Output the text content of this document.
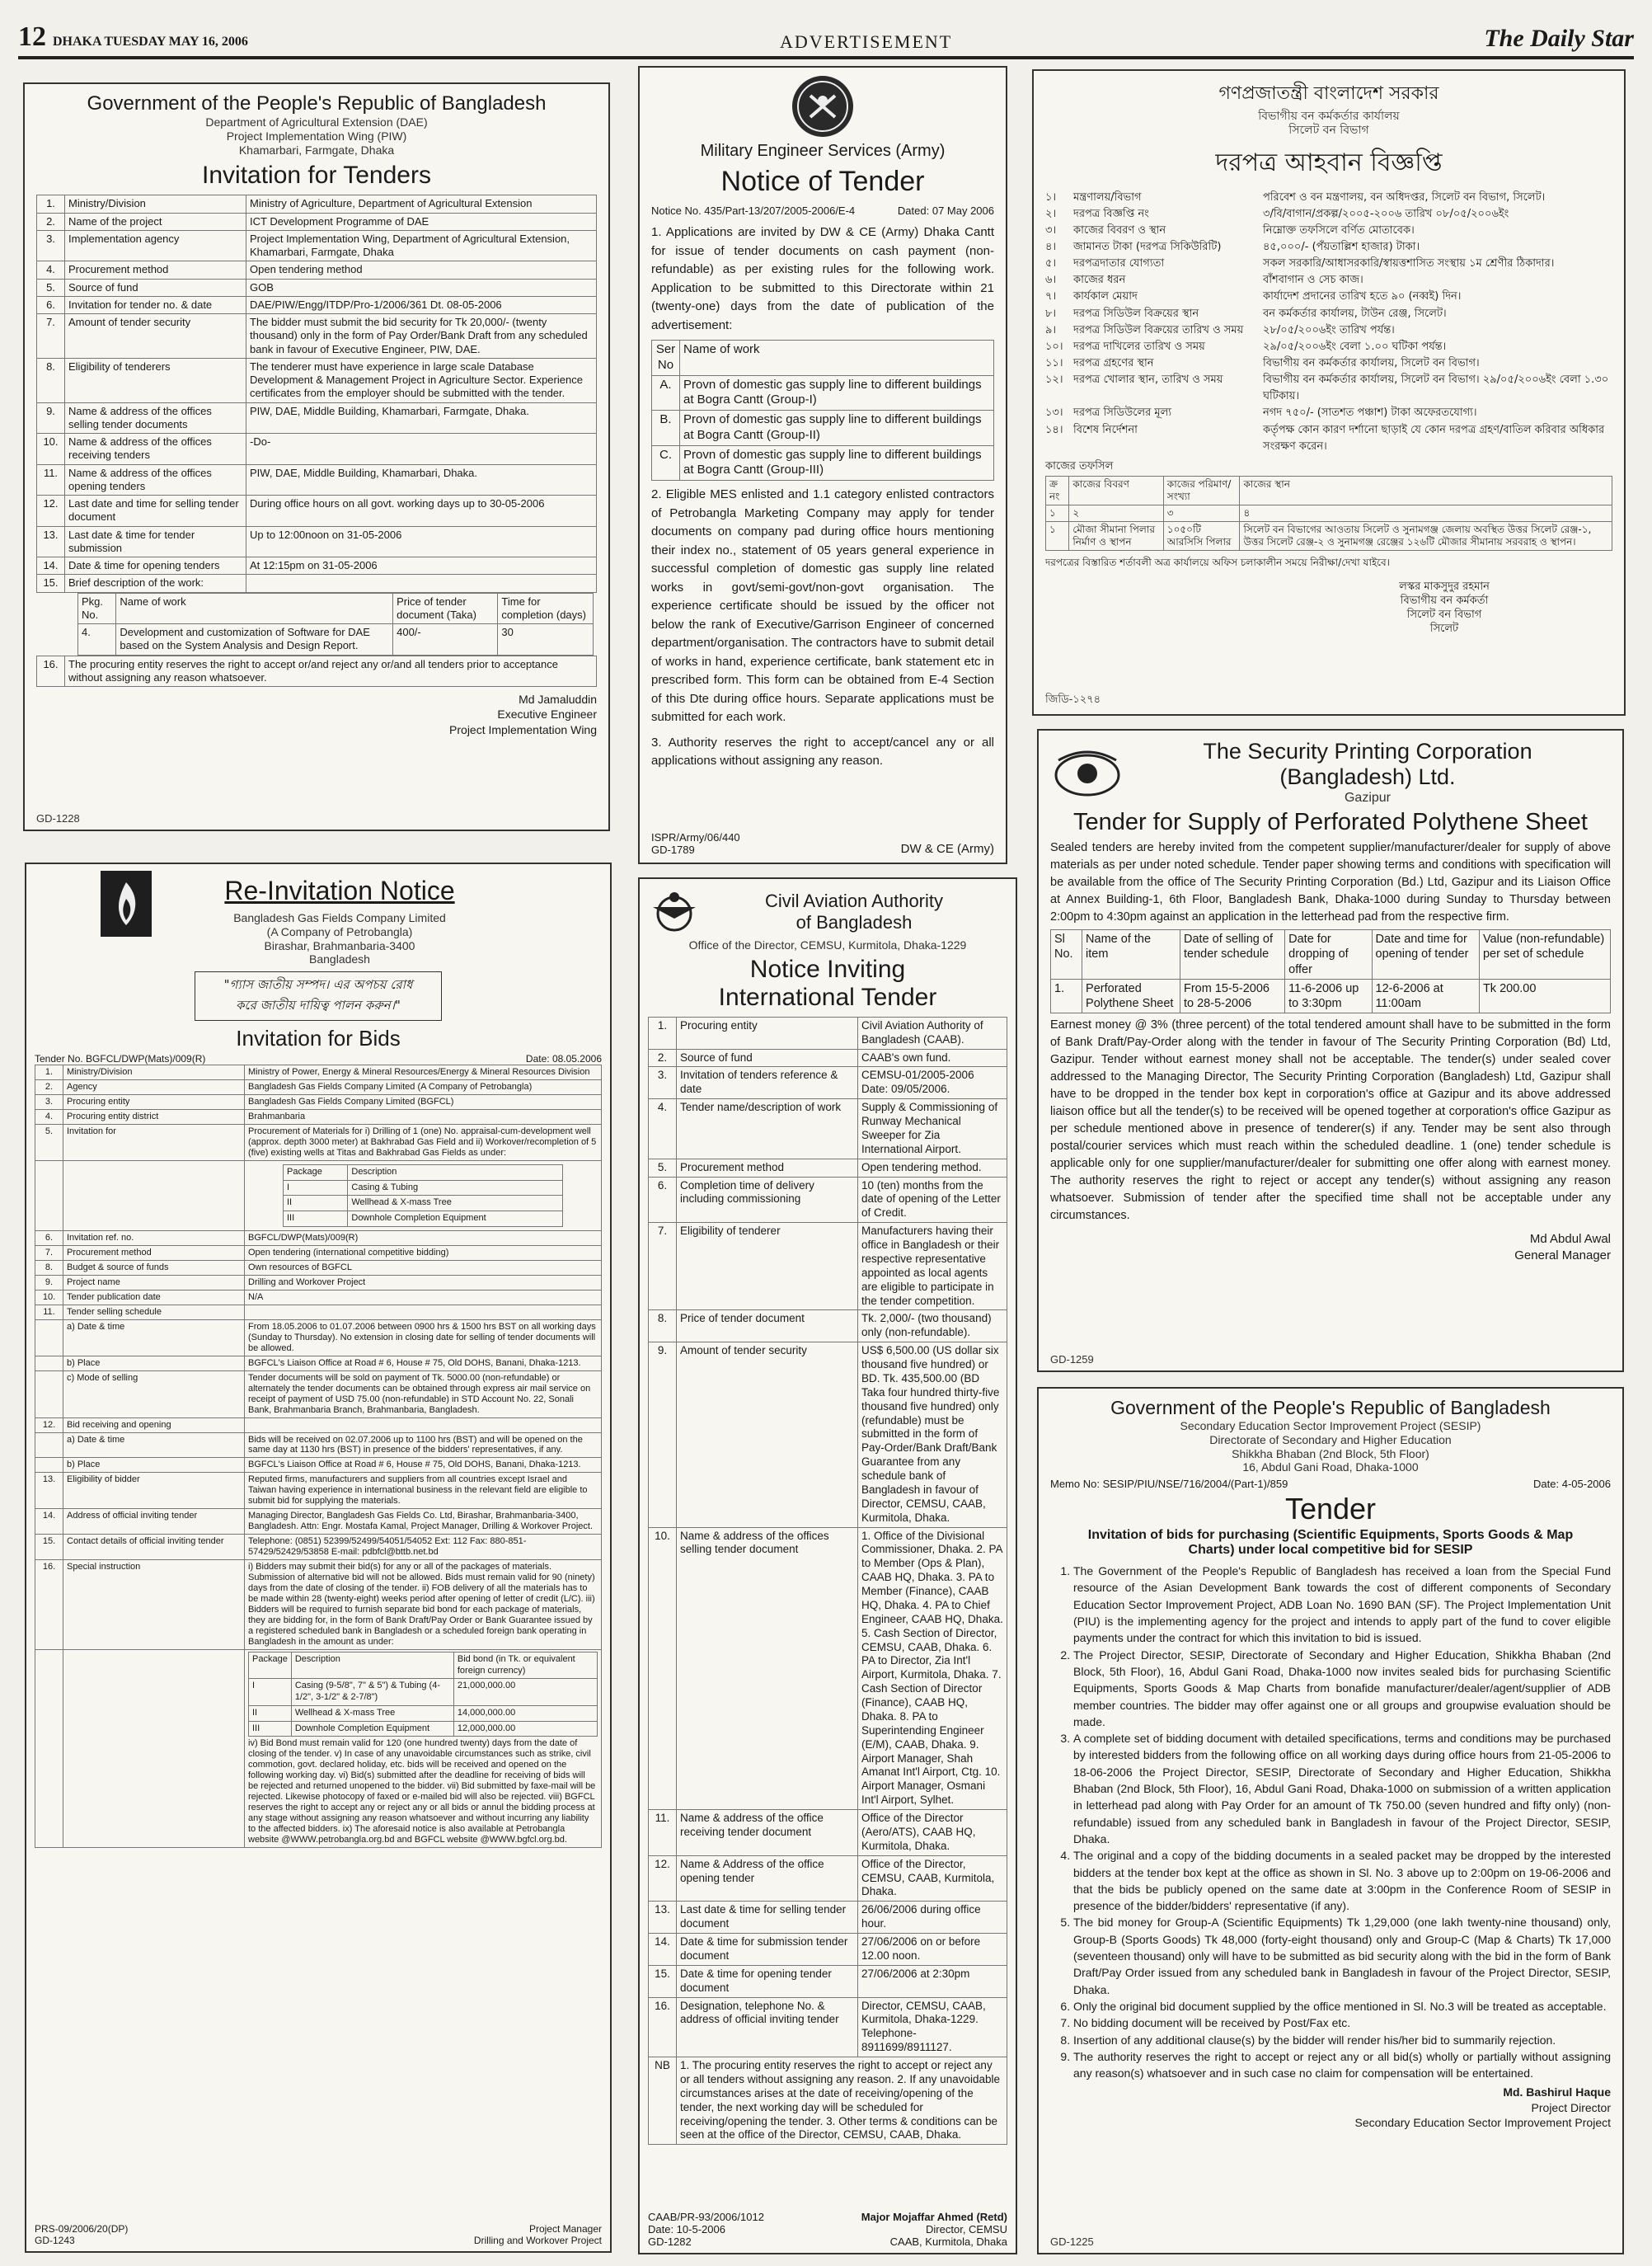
12 DHAKA TUESDAY MAY 16, 2006	ADVERTISEMENT	The Daily Star
Government of the People's Republic of Bangladesh
Department of Agricultural Extension (DAE)
Project Implementation Wing (PIW)
Khamarbari, Farmgate, Dhaka
Invitation for Tenders
1.	Ministry/Division	Ministry of Agriculture, Department of Agricultural Extension
2.	Name of the project	ICT Development Programme of DAE
3.	Implementation agency	Project Implementation Wing, Department of Agricultural Extension, Khamarbari, Farmgate, Dhaka
4.	Procurement method	Open tendering method
5.	Source of fund	GOB
6.	Invitation for tender no. & date	DAE/PIW/Engg/ITDP/Pro-1/2006/361 Dt. 08-05-2006
7.	Amount of tender security	The bidder must submit the bid security for Tk 20,000/- (twenty thousand) only in the form of Pay Order/Bank Draft from any scheduled bank in favour of Executive Engineer, PIW, DAE.
8.	Eligibility of tenderers	The tenderer must have experience in large scale Database Development & Management Project in Agriculture Sector. Experience certificates from the employer should be submitted with the tender.
9.	Name & address of the offices selling tender documents	PIW, DAE, Middle Building, Khamarbari, Farmgate, Dhaka.
10.	Name & address of the offices receiving tenders	-Do-
11.	Name & address of the offices opening tenders	PIW, DAE, Middle Building, Khamarbari, Dhaka.
12.	Last date and time for selling tender document	During office hours on all govt. working days up to 30-05-2006
13.	Last date & time for tender submission	Up to 12:00noon on 31-05-2006
14.	Date & time for opening tenders	At 12:15pm on 31-05-2006
15.	Brief description of the work:	
Pkg. No.	Name of work	Price of tender document (Taka)	Time for completion (days)
4.	Development and customization of Software for DAE based on the System Analysis and Design Report.	400/-	30
16.	The procuring entity reserves the right to accept or/and reject any or/and all tenders prior to acceptance without assigning any reason whatsoever.
Md Jamaluddin
Executive Engineer
Project Implementation Wing
GD-1228
Military Engineer Services (Army)
Notice of Tender
Notice No. 435/Part-13/207/2005-2006/E-4	Dated: 07 May 2006

1. Applications are invited by DW & CE (Army) Dhaka Cantt for issue of tender documents on cash payment (non-refundable) as per existing rules for the following work. Application to be submitted to this Directorate within 21 (twenty-one) days from the date of publication of the advertisement:

Ser No	Name of work
A.	Provn of domestic gas supply line to different buildings at Bogra Cantt (Group-I)
B.	Provn of domestic gas supply line to different buildings at Bogra Cantt (Group-II)
C.	Provn of domestic gas supply line to different buildings at Bogra Cantt (Group-III)

2. Eligible MES enlisted and 1.1 category enlisted contractors of Petrobangla Marketing Company may apply for tender documents on company pad during office hours mentioning their index no., statement of 05 years general experience in successful completion of domestic gas supply line related works in govt/semi-govt/non-govt organisation. The experience certificate should be issued by the officer not below the rank of Executive/Garrison Engineer of concerned department/organisation. The contractors have to submit detail of works in hand, experience certificate, bank statement etc in prescribed form. This form can be obtained from E-4 Section of this Dte during office hours. Separate applications must be submitted for each work.

3. Authority reserves the right to accept/cancel any or all applications without assigning any reason.

ISPR/Army/06/440
GD-1789	DW & CE (Army)
গণপ্রজাতন্ত্রী বাংলাদেশ সরকার
বিভাগীয় বন কর্মকর্তার কার্যালয়
সিলেট বন বিভাগ
দরপত্র আহবান বিজ্ঞপ্তি
১।	মন্ত্রণালয়/বিভাগ	পরিবেশ ও বন মন্ত্রণালয়, বন অধিদপ্তর, সিলেট বন বিভাগ, সিলেট।
২।	দরপত্র বিজ্ঞপ্তি নং	৩/বি/বাগান/প্রকল্প/২০০৫-২০০৬ তারিখ ০৮/০৫/২০০৬ইং
৩।	কাজের বিবরণ ও স্থান	নিম্নোক্ত তফসিলে বর্ণিত মোতাবেক।
৪।	জামানত টাকা (দরপত্র সিকিউরিটি)	৪৫,০০০/- (পঁয়তাল্লিশ হাজার) টাকা।
৫।	দরপত্রদাতার যোগ্যতা	সকল সরকারি/আধাসরকারি/স্বায়ত্তশাসিত সংস্থায় ১ম শ্রেণীর ঠিকাদার।
৬।	কাজের ধরন	বাঁশবাগান ও সেচ কাজ।
৭।	কার্যকাল মেয়াদ	কার্যাদেশ প্রদানের তারিখ হতে ৯০ (নব্বই) দিন।
৮।	দরপত্র সিডিউল বিক্রয়ের স্থান	বন কর্মকর্তার কার্যালয়, টাউন রেঞ্জ, সিলেট।
৯।	দরপত্র সিডিউল বিক্রয়ের তারিখ ও সময়	২৮/০৫/২০০৬ইং তারিখ পর্যন্ত।
১০। দরপত্র দাখিলের তারিখ ও সময়	২৯/০৫/২০০৬ইং বেলা ১.০০ ঘটিকা পর্যন্ত।
১১। দরপত্র গ্রহণের স্থান	বিভাগীয় বন কর্মকর্তার কার্যালয়, সিলেট বন বিভাগ।
১২। দরপত্র খোলার স্থান, তারিখ ও সময়	বিভাগীয় বন কর্মকর্তার কার্যালয়, সিলেট বন বিভাগ। ২৯/০৫/২০০৬ইং বেলা ১.৩০ ঘটিকায়।
১৩। দরপত্র সিডিউলের মূল্য	নগদ ৭৫০/- (সাতশত পঞ্চাশ) টাকা অফেরতযোগ্য।
১৪। বিশেষ নির্দেশনা	কর্তৃপক্ষ কোন কারণ দর্শানো ছাড়াই যে কোন দরপত্র গ্রহণ/বাতিল করিবার অধিকার সংরক্ষণ করেন।
কাজের তফসিল
ক্র নং	কাজের বিবরণ	কাজের পরিমাণ/ সংখ্যা	কাজের স্থান
১	২	৩	৪
১	মৌজা সীমানা পিলার নির্মাণ ও স্থাপন	১০৫০টি আরসিসি পিলার	সিলেট বন বিভাগের আওতায় সিলেট ও সুনামগঞ্জ জেলায় অবস্থিত উত্তর সিলেট রেঞ্জ-১, উত্তর সিলেট রেঞ্জ-২ ও সুনামগঞ্জ রেঞ্জের ১২৬টি মৌজার সীমানায় সরবরাহ ও স্থাপন।
দরপত্রের বিস্তারিত শর্তাবলী অত্র কার্যালয়ে অফিস চলাকালীন সময়ে নিরীক্ষা/দেখা যাইবে।
লস্কর মাকসুদুর রহমান
বিভাগীয় বন কর্মকর্তা
সিলেট বন বিভাগ
সিলেট
জিডি-১২৭৪
Re-Invitation Notice
Bangladesh Gas Fields Company Limited
(A Company of Petrobangla)
Birashar, Brahmanbaria-3400
Bangladesh
"গ্যাস জাতীয় সম্পদ। এর অপচয় রোধ
করে জাতীয় দায়িত্ব পালন করুন।"
Invitation for Bids
Tender No. BGFCL/DWP(Mats)/009(R)	Date: 08.05.2006
1.	Ministry/Division	Ministry of Power, Energy & Mineral Resources/Energy & Mineral Resources Division
2.	Agency	Bangladesh Gas Fields Company Limited (A Company of Petrobangla)
3.	Procuring entity	Bangladesh Gas Fields Company Limited (BGFCL)
4.	Procuring entity district	Brahmanbaria
5.	Invitation for	Procurement of Materials for i) Drilling of 1 (one) No. appraisal-cum-development well (approx. depth 3000 meter) at Bakhrabad Gas Field and ii) Workover/recompletion of 5 (five) existing wells at Titas and Bakhrabad Gas Fields as under:

Package	Description
I	Casing & Tubing
II	Wellhead & X-mass Tree
III	Downhole Completion Equipment

6.	Invitation ref. no.	BGFCL/DWP(Mats)/009(R)
7.	Procurement method	Open tendering (international competitive bidding)
8.	Budget & source of funds	Own resources of BGFCL
9.	Project name	Drilling and Workover Project
10.	Tender publication date	N/A
11.	Tender selling schedule	
	a) Date & time	From 18.05.2006 to 01.07.2006 between 0900 hrs & 1500 hrs BST on all working days (Sunday to Thursday). No extension in closing date for selling of tender documents will be allowed.
	b) Place	BGFCL's Liaison Office at Road # 6, House # 75, Old DOHS, Banani, Dhaka-1213.
	c) Mode of selling	Tender documents will be sold on payment of Tk. 5000.00 (non-refundable) or alternately the tender documents can be obtained through express air mail service on receipt of payment of USD 75.00 (non-refundable) in STD Account No. 22, Sonali Bank, Brahmanbaria Branch, Brahmanbaria, Bangladesh.
12.	Bid receiving and opening	
	a) Date & time	Bids will be received on 02.07.2006 up to 1100 hrs (BST) and will be opened on the same day at 1130 hrs (BST) in presence of the bidders' representatives, if any.
	b) Place	BGFCL's Liaison Office at Road # 6, House # 75, Old DOHS, Banani, Dhaka-1213.
13.	Eligibility of bidder	Reputed firms, manufacturers and suppliers from all countries except Israel and Taiwan having experience in international business in the relevant field are eligible to submit bid for supplying the materials.
14.	Address of official inviting tender	Managing Director, Bangladesh Gas Fields Co. Ltd, Birashar, Brahmanbaria-3400, Bangladesh. Attn: Engr. Mostafa Kamal, Project Manager, Drilling & Workover Project.
15.	Contact details of official inviting tender	Telephone: (0851) 52399/52499/54051/54052 Ext: 112 Fax: 880-851-57429/52429/53858 E-mail: pdbfcl@bttb.net.bd
16.	Special instruction	i) Bidders may submit their bid(s) for any or all of the packages of materials. Submission of alternative bid will not be allowed. Bids must remain valid for 90 (ninety) days from the date of closing of the tender. ii) FOB delivery of all the materials has to be made within 28 (twenty-eight) weeks period after opening of letter of credit (L/C). iii) Bidders will be required to furnish separate bid bond for each package of materials, they are bidding for, in the form of Bank Draft/Pay Order or Bank Guarantee issued by a registered scheduled bank in Bangladesh or a scheduled foreign bank operating in Bangladesh in the amount as under:

Package	Description	Bid bond (in Tk. or equivalent foreign currency)
I	Casing (9-5/8", 7" & 5") & Tubing (4-1/2", 3-1/2" & 2-7/8")	21,000,000.00
II	Wellhead & X-mass Tree	14,000,000.00
III	Downhole Completion Equipment	12,000,000.00
iv) Bid Bond must remain valid for 120 (one hundred twenty) days from the date of closing of the tender. v) In case of any unavoidable circumstances such as strike, civil commotion, govt. declared holiday, etc. bids will be received and opened on the following working day. vi) Bid(s) submitted after the deadline for receiving of bids will be rejected and returned unopened to the bidder. vii) Bid submitted by faxe-mail will be rejected. Likewise photocopy of faxed or e-mailed bid will also be rejected. viii) BGFCL reserves the right to accept any or reject any or all bids or annul the bidding process at any stage without assigning any reason whatsoever and without incurring any liability to the affected bidders. ix) The aforesaid notice is also available at Petrobangla website @WWW.petrobangla.org.bd and BGFCL website @WWW.bgfcl.org.bd.
PRS-09/2006/20(DP)
GD-1243
Project Manager
Drilling and Workover Project
Civil Aviation Authority
of Bangladesh
Office of the Director, CEMSU, Kurmitola, Dhaka-1229
Notice Inviting
International Tender
1.	Procuring entity	Civil Aviation Authority of Bangladesh (CAAB).
2.	Source of fund	CAAB's own fund.
3.	Invitation of tenders reference & date	CEMSU-01/2005-2006 Date: 09/05/2006.
4.	Tender name/description of work	Supply & Commissioning of Runway Mechanical Sweeper for Zia International Airport.
5.	Procurement method	Open tendering method.
6.	Completion time of delivery including commissioning	10 (ten) months from the date of opening of the Letter of Credit.
7.	Eligibility of tenderer	Manufacturers having their office in Bangladesh or their respective representative appointed as local agents are eligible to participate in the tender competition.
8.	Price of tender document	Tk. 2,000/- (two thousand) only (non-refundable).
9.	Amount of tender security	US$ 6,500.00 (US dollar six thousand five hundred) or BD. Tk. 435,500.00 (BD Taka four hundred thirty-five thousand five hundred) only (refundable) must be submitted in the form of Pay-Order/Bank Draft/Bank Guarantee from any schedule bank of Bangladesh in favour of Director, CEMSU, CAAB, Kurmitola, Dhaka.
10.	Name & address of the offices selling tender document	1. Office of the Divisional Commissioner, Dhaka. 2. PA to Member (Ops & Plan), CAAB HQ, Dhaka. 3. PA to Member (Finance), CAAB HQ, Dhaka. 4. PA to Chief Engineer, CAAB HQ, Dhaka. 5. Cash Section of Director, CEMSU, CAAB, Dhaka. 6. PA to Director, Zia Int'l Airport, Kurmitola, Dhaka. 7. Cash Section of Director (Finance), CAAB HQ, Dhaka. 8. PA to Superintending Engineer (E/M), CAAB, Dhaka. 9. Airport Manager, Shah Amanat Int'l Airport, Ctg. 10. Airport Manager, Osmani Int'l Airport, Sylhet.
11.	Name & address of the office receiving tender document	Office of the Director (Aero/ATS), CAAB HQ, Kurmitola, Dhaka.
12.	Name & Address of the office opening tender	Office of the Director, CEMSU, CAAB, Kurmitola, Dhaka.
13.	Last date & time for selling tender document	26/06/2006 during office hour.
14.	Date & time for submission tender document	27/06/2006 on or before 12.00 noon.
15.	Date & time for opening tender document	27/06/2006 at 2:30pm
16.	Designation, telephone No. & address of official inviting tender	Director, CEMSU, CAAB, Kurmitola, Dhaka-1229. Telephone-8911699/8911127.
NB	1. The procuring entity reserves the right to accept or reject any or all tenders without assigning any reason. 2. If any unavoidable circumstances arises at the date of receiving/opening of the tender, the next working day will be scheduled for receiving/opening the tender. 3. Other terms & conditions can be seen at the office of the Director, CEMSU, CAAB, Dhaka.	
CAAB/PR-93/2006/1012
Date: 10-5-2006
GD-1282
Major Mojaffar Ahmed (Retd)
Director, CEMSU
CAAB, Kurmitola, Dhaka
The Security Printing Corporation
(Bangladesh) Ltd.
Gazipur
Tender for Supply of Perforated Polythene Sheet

Sealed tenders are hereby invited from the competent supplier/manufacturer/dealer for supply of above materials as per under noted schedule. Tender paper showing terms and conditions with specification will be available from the office of The Security Printing Corporation (Bd.) Ltd, Gazipur and its Liaison Office at Annex Building-1, 6th Floor, Bangladesh Bank, Dhaka-1000 during Sunday to Thursday between 2:00pm to 4:30pm against an application in the letterhead pad from the respective firm.

Sl No.	Name of the item	Date of selling of tender schedule	Date for dropping of offer	Date and time for opening of tender	Value (non-refundable) per set of schedule
1.	Perforated Polythene Sheet	From 15-5-2006 to 28-5-2006	11-6-2006 up to 3:30pm	12-6-2006 at 11:00am	Tk 200.00

Earnest money @ 3% (three percent) of the total tendered amount shall have to be submitted in the form of Bank Draft/Pay-Order along with the tender in favour of The Security Printing Corporation (Bd) Ltd, Gazipur. Tender without earnest money shall not be acceptable. The tender(s) under sealed cover addressed to the Managing Director, The Security Printing Corporation (Bangladesh) Ltd, Gazipur shall have to be dropped in the tender box kept in corporation's office at Gazipur and its above addressed liaison office but all the tender(s) to be received will be opened together at corporation's office Gazipur as per schedule mentioned above in presence of tenderer(s) if any. Tender may be sent also through postal/courier services which must reach within the scheduled deadline. 1 (one) tender schedule is applicable only for one supplier/manufacturer/dealer for submitting one offer along with earnest money. The authority reserves the right to reject or accept any tender(s) without assigning any reason whatsoever. Submission of tender after the specified time shall not be acceptable under any circumstances.

Md Abdul Awal
General Manager
GD-1259
Government of the People's Republic of Bangladesh
Secondary Education Sector Improvement Project (SESIP)
Directorate of Secondary and Higher Education
Shikkha Bhaban (2nd Block, 5th Floor)
16, Abdul Gani Road, Dhaka-1000
Memo No: SESIP/PIU/NSE/716/2004/(Part-1)/859	Date: 4-05-2006
Tender
Invitation of bids for purchasing (Scientific Equipments, Sports Goods & Map Charts) under local competitive bid for SESIP
1. The Government of the People's Republic of Bangladesh has received a loan from the Special Fund resource of the Asian Development Bank towards the cost of different components of Secondary Education Sector Improvement Project, ADB Loan No. 1690 BAN (SF). The Project Implementation Unit (PIU) is the implementing agency for the project and intends to apply part of the fund to cover eligible payments under the contract for which this invitation to bid is issued.
2. The Project Director, SESIP, Directorate of Secondary and Higher Education, Shikkha Bhaban (2nd Block, 5th Floor), 16, Abdul Gani Road, Dhaka-1000 now invites sealed bids for purchasing Scientific Equipments, Sports Goods & Map Charts from bonafide manufacturer/dealer/agent/supplier of ADB member countries. The bidder may offer against one or all groups and groupwise evaluation should be made.
3. A complete set of bidding document with detailed specifications, terms and conditions may be purchased by interested bidders from the following office on all working days during office hours from 21-05-2006 to 18-06-2006 the Project Director, SESIP, Directorate of Secondary and Higher Education, Shikkha Bhaban (2nd Block, 5th Floor), 16, Abdul Gani Road, Dhaka-1000 on submission of a written application in letterhead pad along with Pay Order for an amount of Tk 750.00 (seven hundred and fifty only) (non-refundable) issued from any scheduled bank in Bangladesh in favour of the Project Director, SESIP, Dhaka.
4. The original and a copy of the bidding documents in a sealed packet may be dropped by the interested bidders at the tender box kept at the office as shown in Sl. No. 3 above up to 2:00pm on 19-06-2006 and that the bids be publicly opened on the same date at 3:00pm in the Conference Room of SESIP in presence of the bidder/bidders' representative (if any).
5. The bid money for Group-A (Scientific Equipments) Tk 1,29,000 (one lakh twenty-nine thousand) only, Group-B (Sports Goods) Tk 48,000 (forty-eight thousand) only and Group-C (Map & Charts) Tk 17,000 (seventeen thousand) only will have to be submitted as bid security along with the bid in the form of Bank Draft/Pay Order issued from any scheduled bank in Bangladesh in favour of the Project Director, SESIP, Dhaka.
6. Only the original bid document supplied by the office mentioned in Sl. No.3 will be treated as acceptable.
7. No bidding document will be received by Post/Fax etc.
8. Insertion of any additional clause(s) by the bidder will render his/her bid to summarily rejection.
9. The authority reserves the right to accept or reject any or all bid(s) wholly or partially without assigning any reason(s) whatsoever and in such case no claim for compensation will be entertained.
Md. Bashirul Haque
Project Director
Secondary Education Sector Improvement Project
GD-1225
